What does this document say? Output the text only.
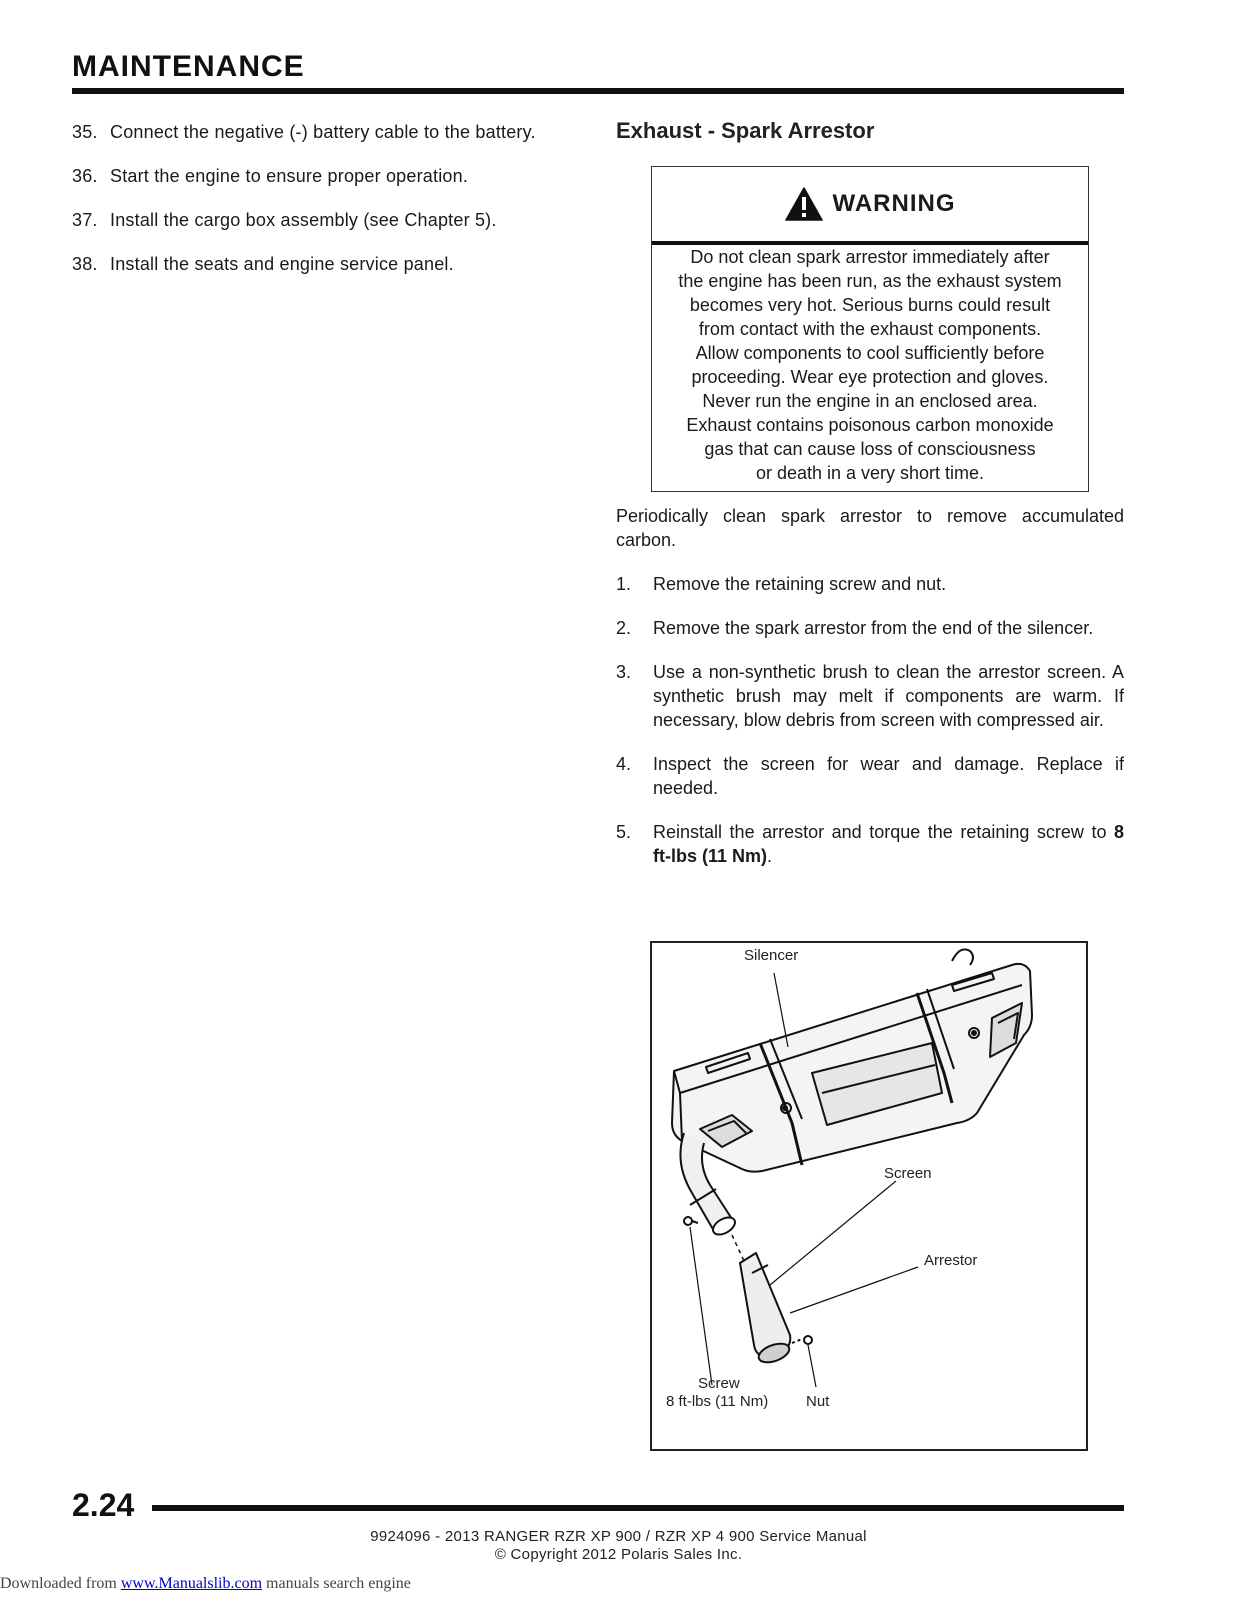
MAINTENANCE
35. Connect the negative (-) battery cable to the battery.
36. Start the engine to ensure proper operation.
37. Install the cargo box assembly (see Chapter 5).
38. Install the seats and engine service panel.
Exhaust - Spark Arrestor
WARNING
Do not clean spark arrestor immediately after
the engine has been run, as the exhaust system
becomes very hot. Serious burns could result
from contact with the exhaust components.
Allow components to cool sufficiently before
proceeding. Wear eye protection and gloves.
Never run the engine in an enclosed area.
Exhaust contains poisonous carbon monoxide
gas that can cause loss of consciousness
or death in a very short time.
Periodically clean spark arrestor to remove accumulated carbon.
1.	Remove the retaining screw and nut.
2.	Remove the spark arrestor from the end of the silencer.
3.	Use a non-synthetic brush to clean the arrestor screen. A synthetic brush may melt if components are warm. If necessary, blow debris from screen with compressed air.
4.	Inspect the screen for wear and damage. Replace if needed.
5.	Reinstall the arrestor and torque the retaining screw to 8 ft-lbs (11 Nm).
Silencer
Screen
Arrestor
Screw
8 ft-lbs (11 Nm)	Nut
2.24
9924096 - 2013 RANGER RZR XP 900 / RZR XP 4 900 Service Manual
© Copyright 2012 Polaris Sales Inc.
Downloaded from www.Manualslib.com manuals search engine
